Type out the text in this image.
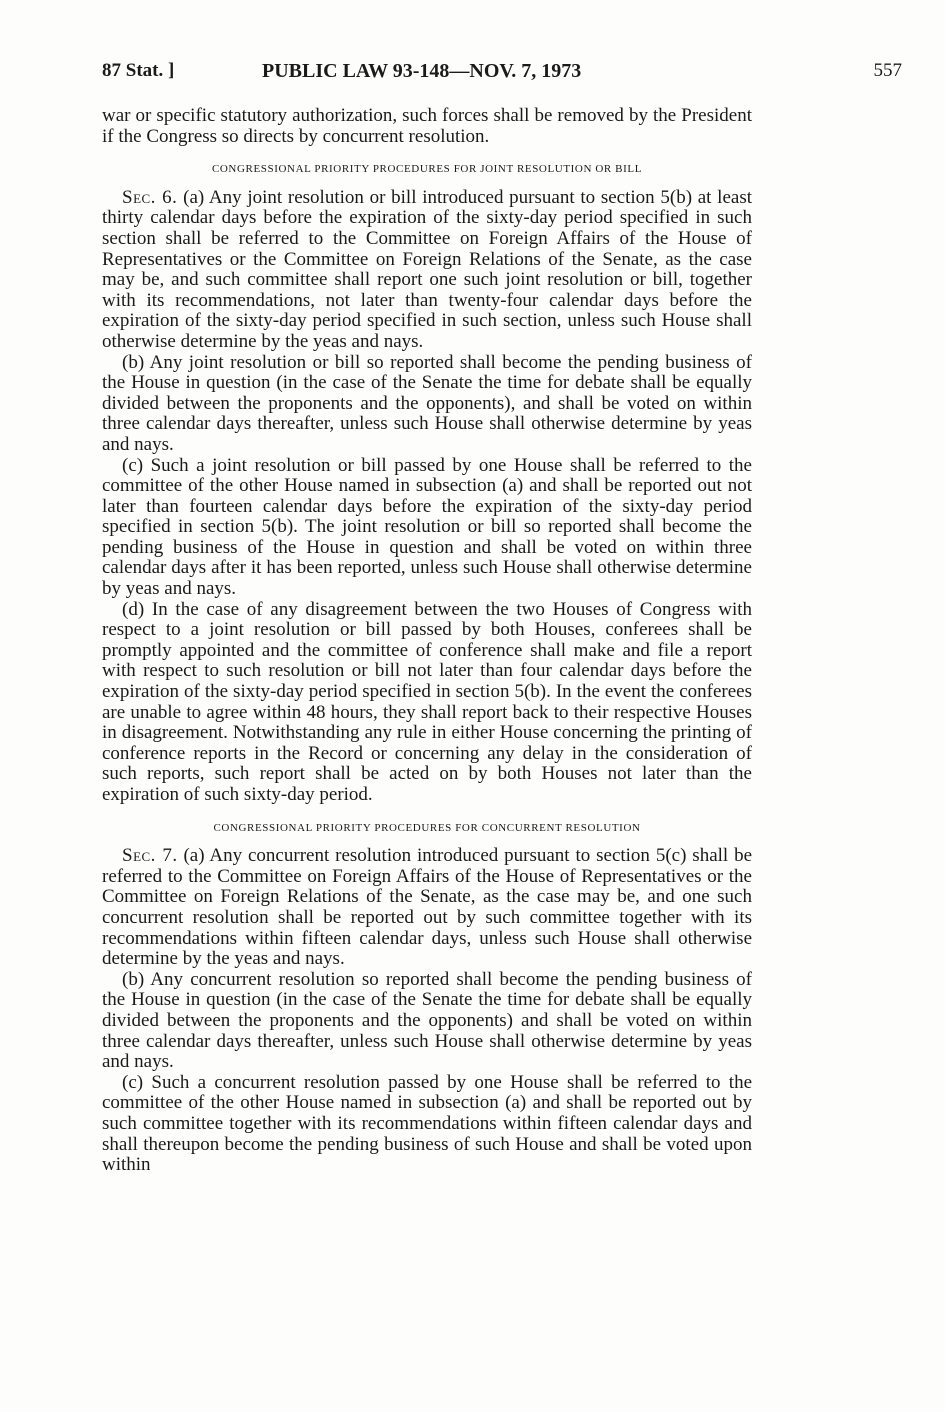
87 Stat. ]	PUBLIC LAW 93-148—NOV. 7, 1973	557

war or specific statutory authorization, such forces shall be removed by the President if the Congress so directs by concurrent resolution.

CONGRESSIONAL PRIORITY PROCEDURES FOR JOINT RESOLUTION OR BILL

Sec. 6. (a) Any joint resolution or bill introduced pursuant to section 5(b) at least thirty calendar days before the expiration of the sixty-day period specified in such section shall be referred to the Committee on Foreign Affairs of the House of Representatives or the Committee on Foreign Relations of the Senate, as the case may be, and such committee shall report one such joint resolution or bill, together with its recommendations, not later than twenty-four calendar days before the expiration of the sixty-day period specified in such section, unless such House shall otherwise determine by the yeas and nays.

(b) Any joint resolution or bill so reported shall become the pending business of the House in question (in the case of the Senate the time for debate shall be equally divided between the proponents and the opponents), and shall be voted on within three calendar days thereafter, unless such House shall otherwise determine by yeas and nays.

(c) Such a joint resolution or bill passed by one House shall be referred to the committee of the other House named in subsection (a) and shall be reported out not later than fourteen calendar days before the expiration of the sixty-day period specified in section 5(b). The joint resolution or bill so reported shall become the pending business of the House in question and shall be voted on within three calendar days after it has been reported, unless such House shall otherwise determine by yeas and nays.

(d) In the case of any disagreement between the two Houses of Congress with respect to a joint resolution or bill passed by both Houses, conferees shall be promptly appointed and the committee of conference shall make and file a report with respect to such resolution or bill not later than four calendar days before the expiration of the sixty-day period specified in section 5(b). In the event the conferees are unable to agree within 48 hours, they shall report back to their respective Houses in disagreement. Notwithstanding any rule in either House concerning the printing of conference reports in the Record or concerning any delay in the consideration of such reports, such report shall be acted on by both Houses not later than the expiration of such sixty-day period.

CONGRESSIONAL PRIORITY PROCEDURES FOR CONCURRENT RESOLUTION

Sec. 7. (a) Any concurrent resolution introduced pursuant to section 5(c) shall be referred to the Committee on Foreign Affairs of the House of Representatives or the Committee on Foreign Relations of the Senate, as the case may be, and one such concurrent resolution shall be reported out by such committee together with its recommendations within fifteen calendar days, unless such House shall otherwise determine by the yeas and nays.

(b) Any concurrent resolution so reported shall become the pending business of the House in question (in the case of the Senate the time for debate shall be equally divided between the proponents and the opponents) and shall be voted on within three calendar days thereafter, unless such House shall otherwise determine by yeas and nays.

(c) Such a concurrent resolution passed by one House shall be referred to the committee of the other House named in subsection (a) and shall be reported out by such committee together with its recommendations within fifteen calendar days and shall thereupon become the pending business of such House and shall be voted upon within
